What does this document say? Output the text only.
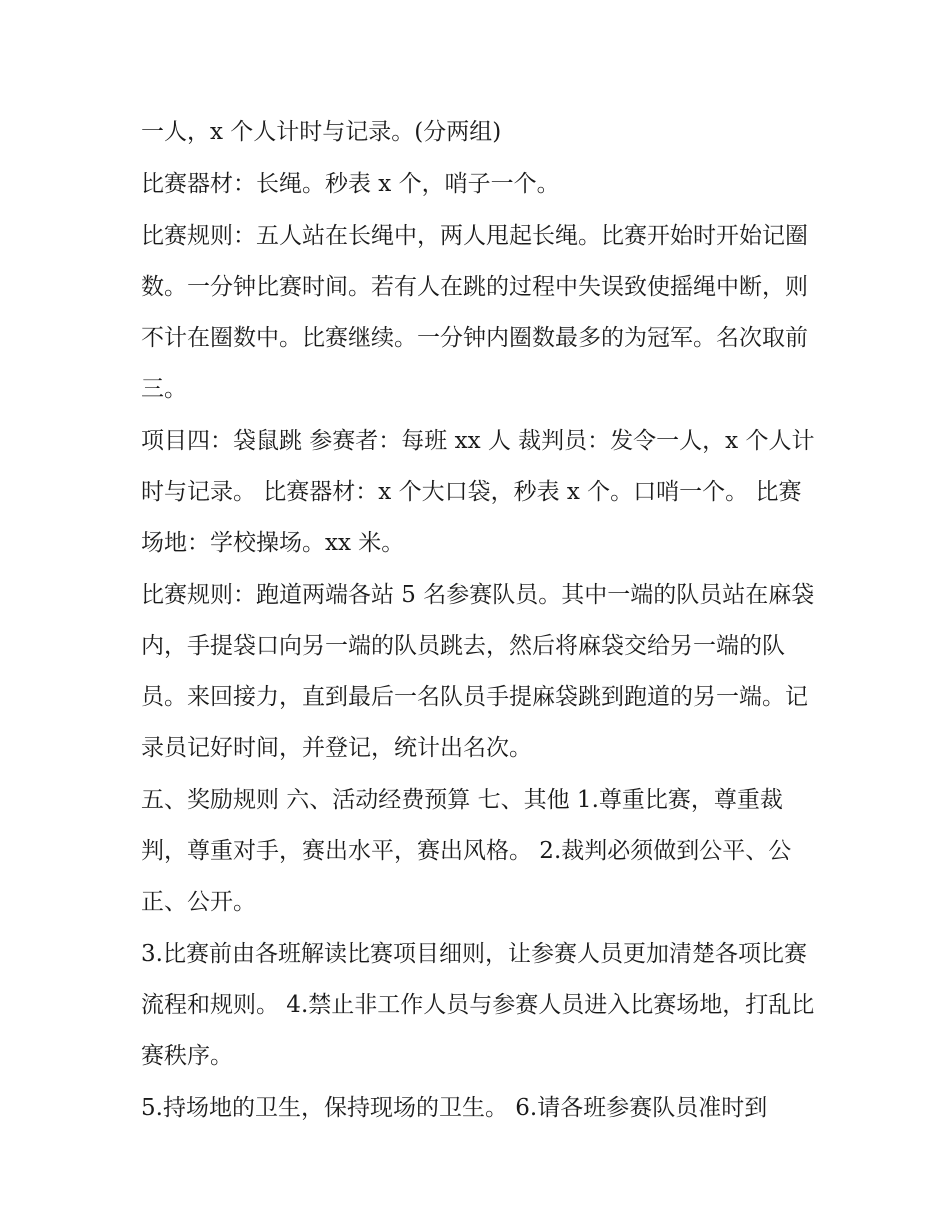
一人，x 个人计时与记录。(分两组)

比赛器材：长绳。秒表 x 个，哨子一个。

比赛规则：五人站在长绳中，两人甩起长绳。比赛开始时开始记圈数。一分钟比赛时间。若有人在跳的过程中失误致使摇绳中断，则不计在圈数中。比赛继续。一分钟内圈数最多的为冠军。名次取前三。

项目四：袋鼠跳 参赛者：每班 xx 人 裁判员：发令一人，x 个人计时与记录。 比赛器材：x 个大口袋，秒表 x 个。口哨一个。 比赛场地：学校操场。xx 米。

比赛规则：跑道两端各站 5 名参赛队员。其中一端的队员站在麻袋内，手提袋口向另一端的队员跳去，然后将麻袋交给另一端的队员。来回接力，直到最后一名队员手提麻袋跳到跑道的另一端。记录员记好时间，并登记，统计出名次。

五、奖励规则 六、活动经费预算 七、其他 1.尊重比赛，尊重裁判，尊重对手，赛出水平，赛出风格。 2.裁判必须做到公平、公正、公开。

3.比赛前由各班解读比赛项目细则，让参赛人员更加清楚各项比赛流程和规则。 4.禁止非工作人员与参赛人员进入比赛场地，打乱比赛秩序。

5.持场地的卫生，保持现场的卫生。 6.请各班参赛队员准时到
